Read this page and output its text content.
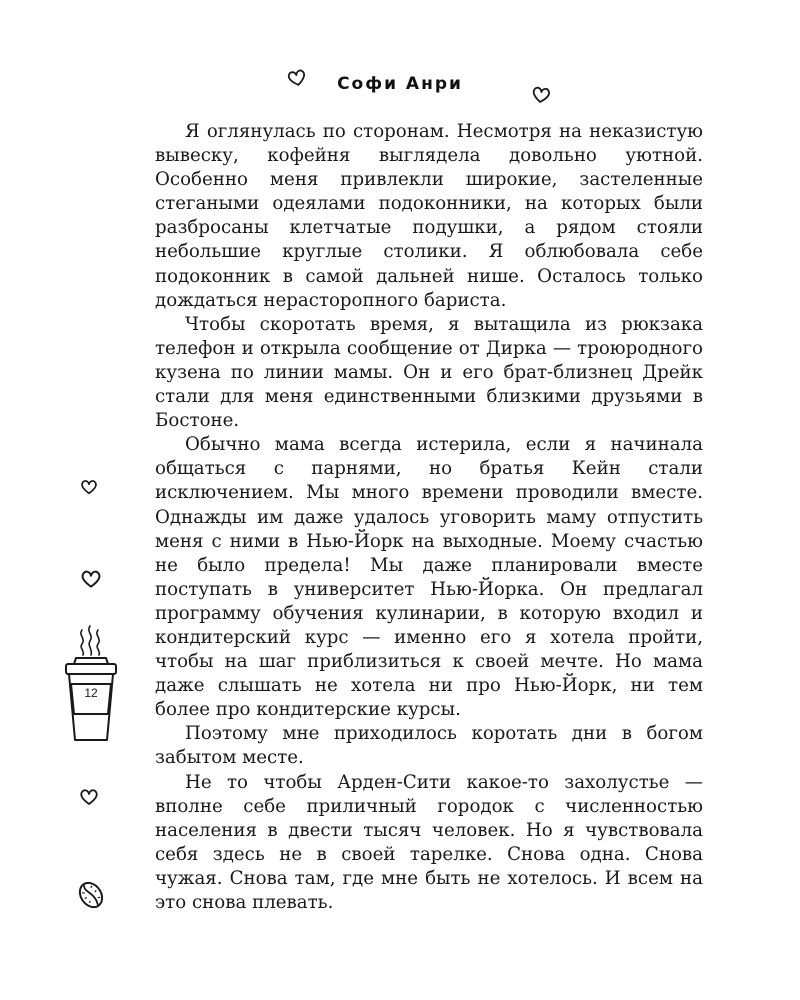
Софи Анри

Я оглянулась по сторонам. Несмотря на неказистую вывеску, кофейня выглядела довольно уютной. Особенно меня привлекли широкие, застеленные стегаными одеялами подоконники, на которых были разбросаны клетчатые подушки, а рядом стояли небольшие круглые столики. Я облюбовала себе подоконник в самой дальней нише. Осталось только дождаться нерасторопного бариста.

Чтобы скоротать время, я вытащила из рюкзака телефон и открыла сообщение от Дирка — троюродного кузена по линии мамы. Он и его брат-близнец Дрейк стали для меня единственными близкими друзьями в Бостоне.

Обычно мама всегда истерила, если я начинала общаться с парнями, но братья Кейн стали исключением. Мы много времени проводили вместе. Однажды им даже удалось уговорить маму отпустить меня с ними в Нью-Йорк на выходные. Моему счастью не было предела! Мы даже планировали вместе поступать в университет Нью-Йорка. Он предлагал программу обучения кулинарии, в которую входил и кондитерский курс — именно его я хотела пройти, чтобы на шаг приблизиться к своей мечте. Но мама даже слышать не хотела ни про Нью-Йорк, ни тем более про кондитерские курсы.

Поэтому мне приходилось коротать дни в богом забытом месте.

Не то чтобы Арден-Сити какое-то захолустье — вполне себе приличный городок с численностью населения в двести тысяч человек. Но я чувствовала себя здесь не в своей тарелке. Снова одна. Снова чужая. Снова там, где мне быть не хотелось. И всем на это снова плевать.

12
